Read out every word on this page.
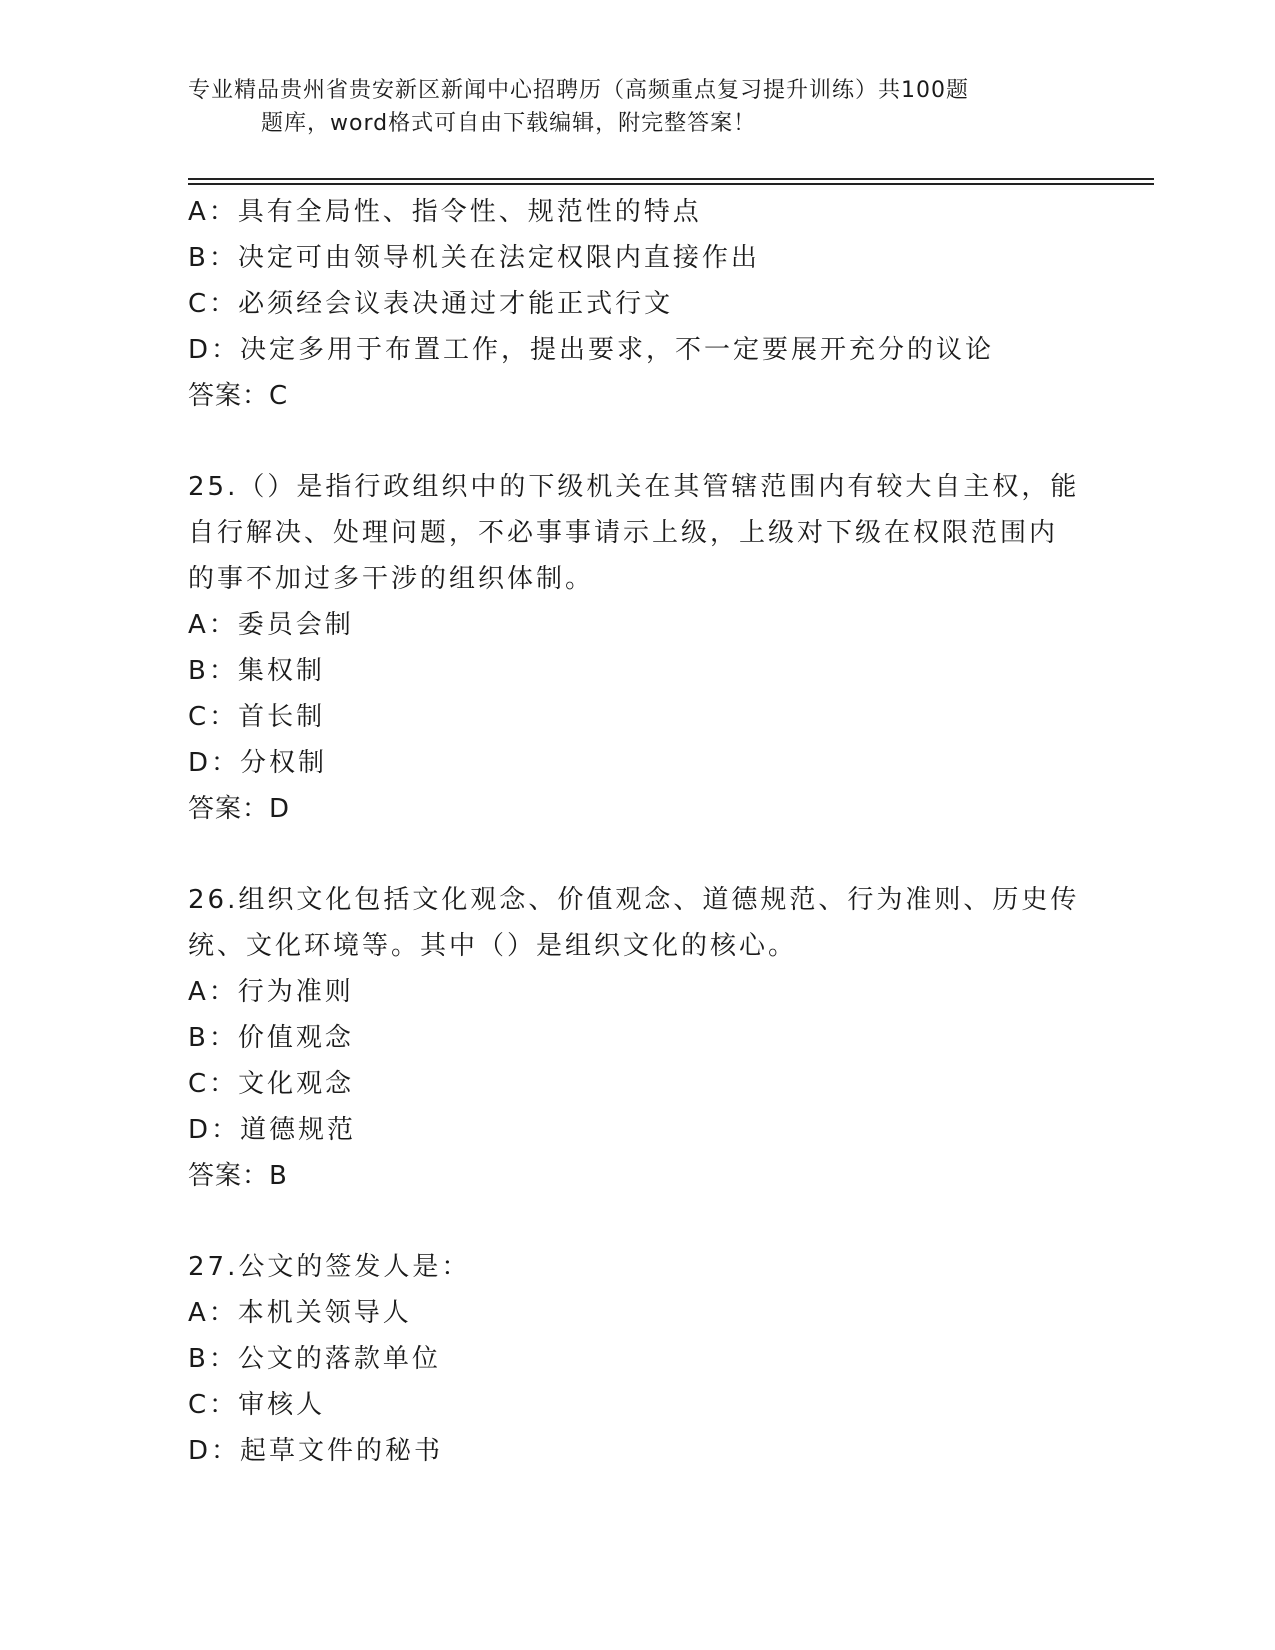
专业精品贵州省贵安新区新闻中心招聘历（高频重点复习提升训练）共100题
题库，word格式可自由下载编辑，附完整答案！
A：具有全局性、指令性、规范性的特点
B：决定可由领导机关在法定权限内直接作出
C：必须经会议表决通过才能正式行文
D：决定多用于布置工作，提出要求，不一定要展开充分的议论
答案：C
25.（）是指行政组织中的下级机关在其管辖范围内有较大自主权，能
自行解决、处理问题，不必事事请示上级，上级对下级在权限范围内
的事不加过多干涉的组织体制。
A：委员会制
B：集权制
C：首长制
D：分权制
答案：D
26.组织文化包括文化观念、价值观念、道德规范、行为准则、历史传
统、文化环境等。其中（）是组织文化的核心。
A：行为准则
B：价值观念
C：文化观念
D：道德规范
答案：B
27.公文的签发人是：
A：本机关领导人
B：公文的落款单位
C：审核人
D：起草文件的秘书
